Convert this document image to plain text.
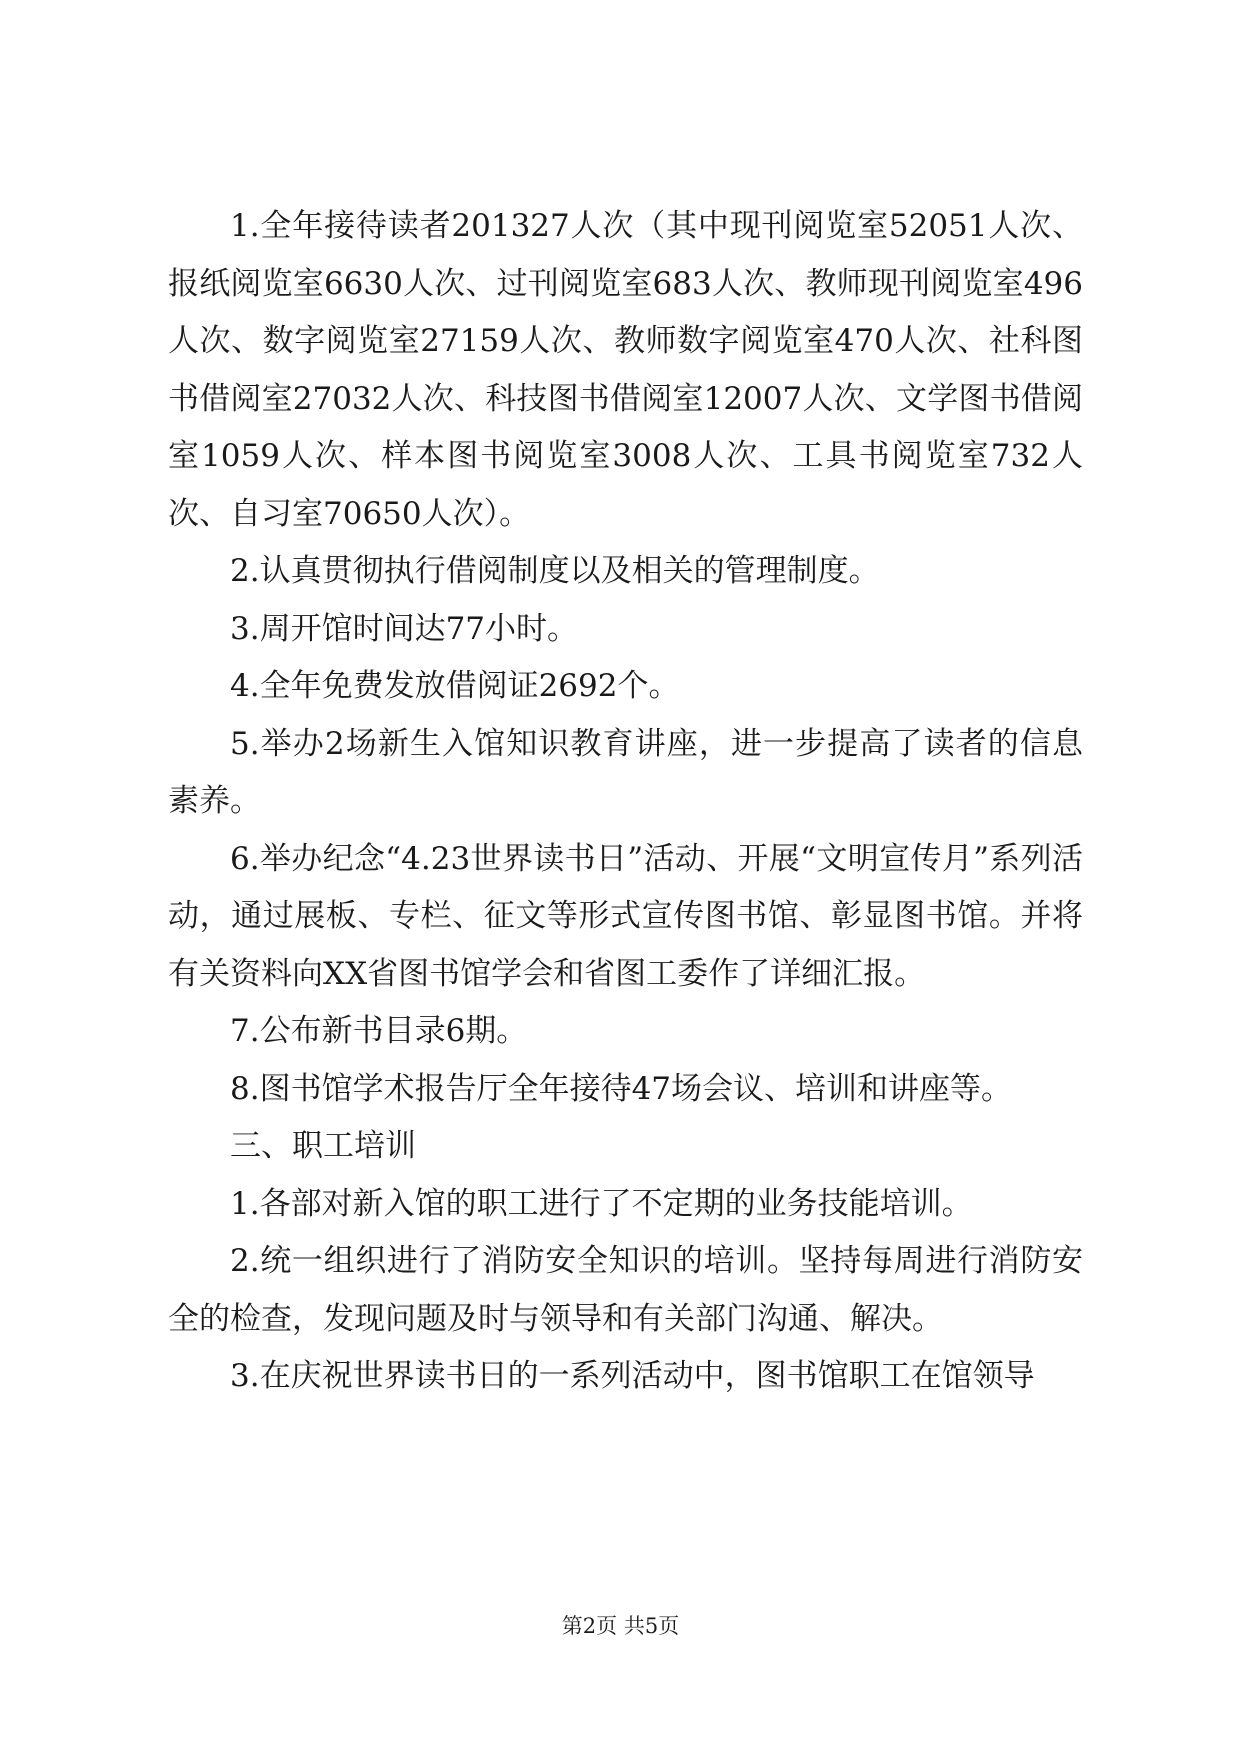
1.全年接待读者201327人次（其中现刊阅览室52051人次、报纸阅览室6630人次、过刊阅览室683人次、教师现刊阅览室496人次、数字阅览室27159人次、教师数字阅览室470人次、社科图书借阅室27032人次、科技图书借阅室12007人次、文学图书借阅室1059人次、样本图书阅览室3008人次、工具书阅览室732人次、自习室70650人次）。

2.认真贯彻执行借阅制度以及相关的管理制度。

3.周开馆时间达77小时。

4.全年免费发放借阅证2692个。

5.举办2场新生入馆知识教育讲座，进一步提高了读者的信息素养。

6.举办纪念“4.23世界读书日”活动、开展“文明宣传月”系列活动，通过展板、专栏、征文等形式宣传图书馆、彰显图书馆。并将有关资料向XX省图书馆学会和省图工委作了详细汇报。

7.公布新书目录6期。

8.图书馆学术报告厅全年接待47场会议、培训和讲座等。

三、职工培训

1.各部对新入馆的职工进行了不定期的业务技能培训。

2.统一组织进行了消防安全知识的培训。坚持每周进行消防安全的检查，发现问题及时与领导和有关部门沟通、解决。

3.在庆祝世界读书日的一系列活动中，图书馆职工在馆领导

第2页 共5页
